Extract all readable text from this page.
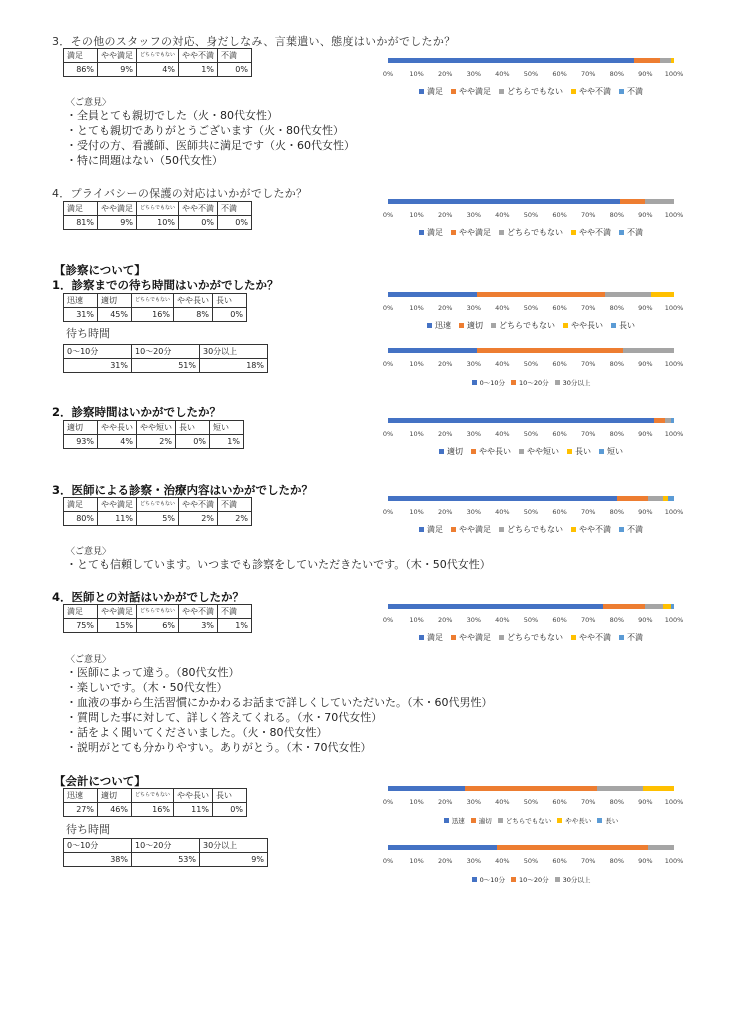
3．その他のスタッフの対応、身だしなみ、言葉遣い、態度はいかがでしたか？
満足	やや満足	どちらでもない	やや不満	不満
86%	9%	4%	1%	0%	0% 10% 20% 30% 40% 50% 60% 70% 80% 90% 100%
満足 やや満足 どちらでもない やや不満 不満
〈ご意見〉
・全員とても親切でした（火・80代女性）
・とても親切でありがとうございます（火・80代女性）
・受付の方、看護師、医師共に満足です（火・60代女性）
・特に問題はない（50代女性）
4．プライバシーの保護の対応はいかがでしたか？
満足	やや満足	どちらでもない	やや不満	不満
81%	9%	10%	0%	0%
0% 10% 20% 30% 40% 50% 60% 70% 80% 90% 100%
満足 やや満足 どちらでもない やや不満 不満
【診察について】
1．診察までの待ち時間はいかがでしたか？
迅速	適切	どちらでもない	やや長い	長い
31%	45%	16%	8%	0%
0% 10% 20% 30% 40% 50% 60% 70% 80% 90% 100%
迅速 適切 どちらでもない やや長い 長い
待ち時間
0～10分	10～20分	30分以上
31%	51%	18%	0% 10% 20% 30% 40% 50% 60% 70% 80% 90% 100%
0～10分 10～20分 30分以上
2．診察時間はいかがでしたか？
適切	やや長い	やや短い	長い	短い
93%	4%	2%	0%	1%
0% 10% 20% 30% 40% 50% 60% 70% 80% 90% 100%
適切 やや長い やや短い 長い 短い
3．医師による診察・治療内容はいかがでしたか？
満足	やや満足	どちらでもない	やや不満	不満
80%	11%	5%	2%	2%
0% 10% 20% 30% 40% 50% 60% 70% 80% 90% 100%
満足 やや満足 どちらでもない やや不満 不満
〈ご意見〉
・とても信頼しています。いつまでも診察をしていただきたいです。（木・50代女性）
4．医師との対話はいかがでしたか？
満足	やや満足	どちらでもない	やや不満	不満
75%	15%	6%	3%	1%
0% 10% 20% 30% 40% 50% 60% 70% 80% 90% 100%
満足 やや満足 どちらでもない やや不満 不満
〈ご意見〉
・医師によって違う。（80代女性）
・楽しいです。（木・50代女性）
・血液の事から生活習慣にかかわるお話まで詳しくしていただいた。（木・60代男性）
・質問した事に対して、詳しく答えてくれる。（水・70代女性）
・話をよく聞いてくださいました。（火・80代女性）
・説明がとても分かりやすい。ありがとう。（木・70代女性）
【会計について】
迅速	適切	どちらでもない	やや長い	長い
27%	46%	16%	11%	0%
0% 10% 20% 30% 40% 50% 60% 70% 80% 90% 100%
迅速 適切 どちらでもない やや長い 長い
待ち時間
0～10分	10～20分	30分以上
38%	53%	9%	0% 10% 20% 30% 40% 50% 60% 70% 80% 90% 100%
0～10分 10～20分 30分以上
